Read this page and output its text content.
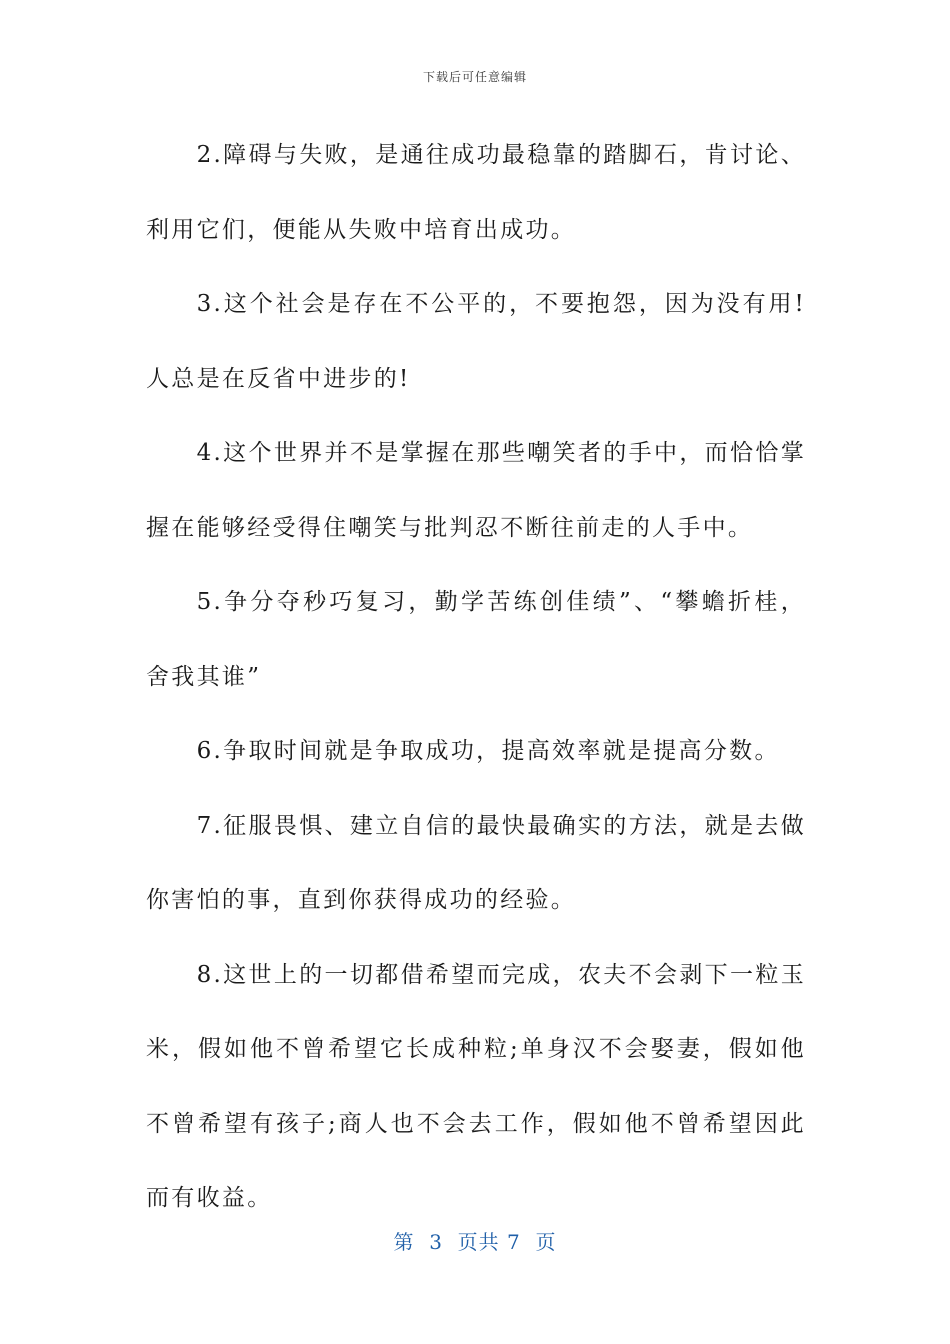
下载后可任意编辑

2.障碍与失败，是通往成功最稳靠的踏脚石，肯讨论、利用它们，便能从失败中培育出成功。

3.这个社会是存在不公平的，不要抱怨，因为没有用!人总是在反省中进步的!

4.这个世界并不是掌握在那些嘲笑者的手中，而恰恰掌握在能够经受得住嘲笑与批判忍不断往前走的人手中。

5.争分夺秒巧复习，勤学苦练创佳绩”、“攀蟾折桂，舍我其谁”

6.争取时间就是争取成功，提高效率就是提高分数。

7.征服畏惧、建立自信的最快最确实的方法，就是去做你害怕的事，直到你获得成功的经验。

8.这世上的一切都借希望而完成，农夫不会剥下一粒玉米，假如他不曾希望它长成种粒;单身汉不会娶妻，假如他不曾希望有孩子;商人也不会去工作，假如他不曾希望因此而有收益。

第  3  页共 7  页
